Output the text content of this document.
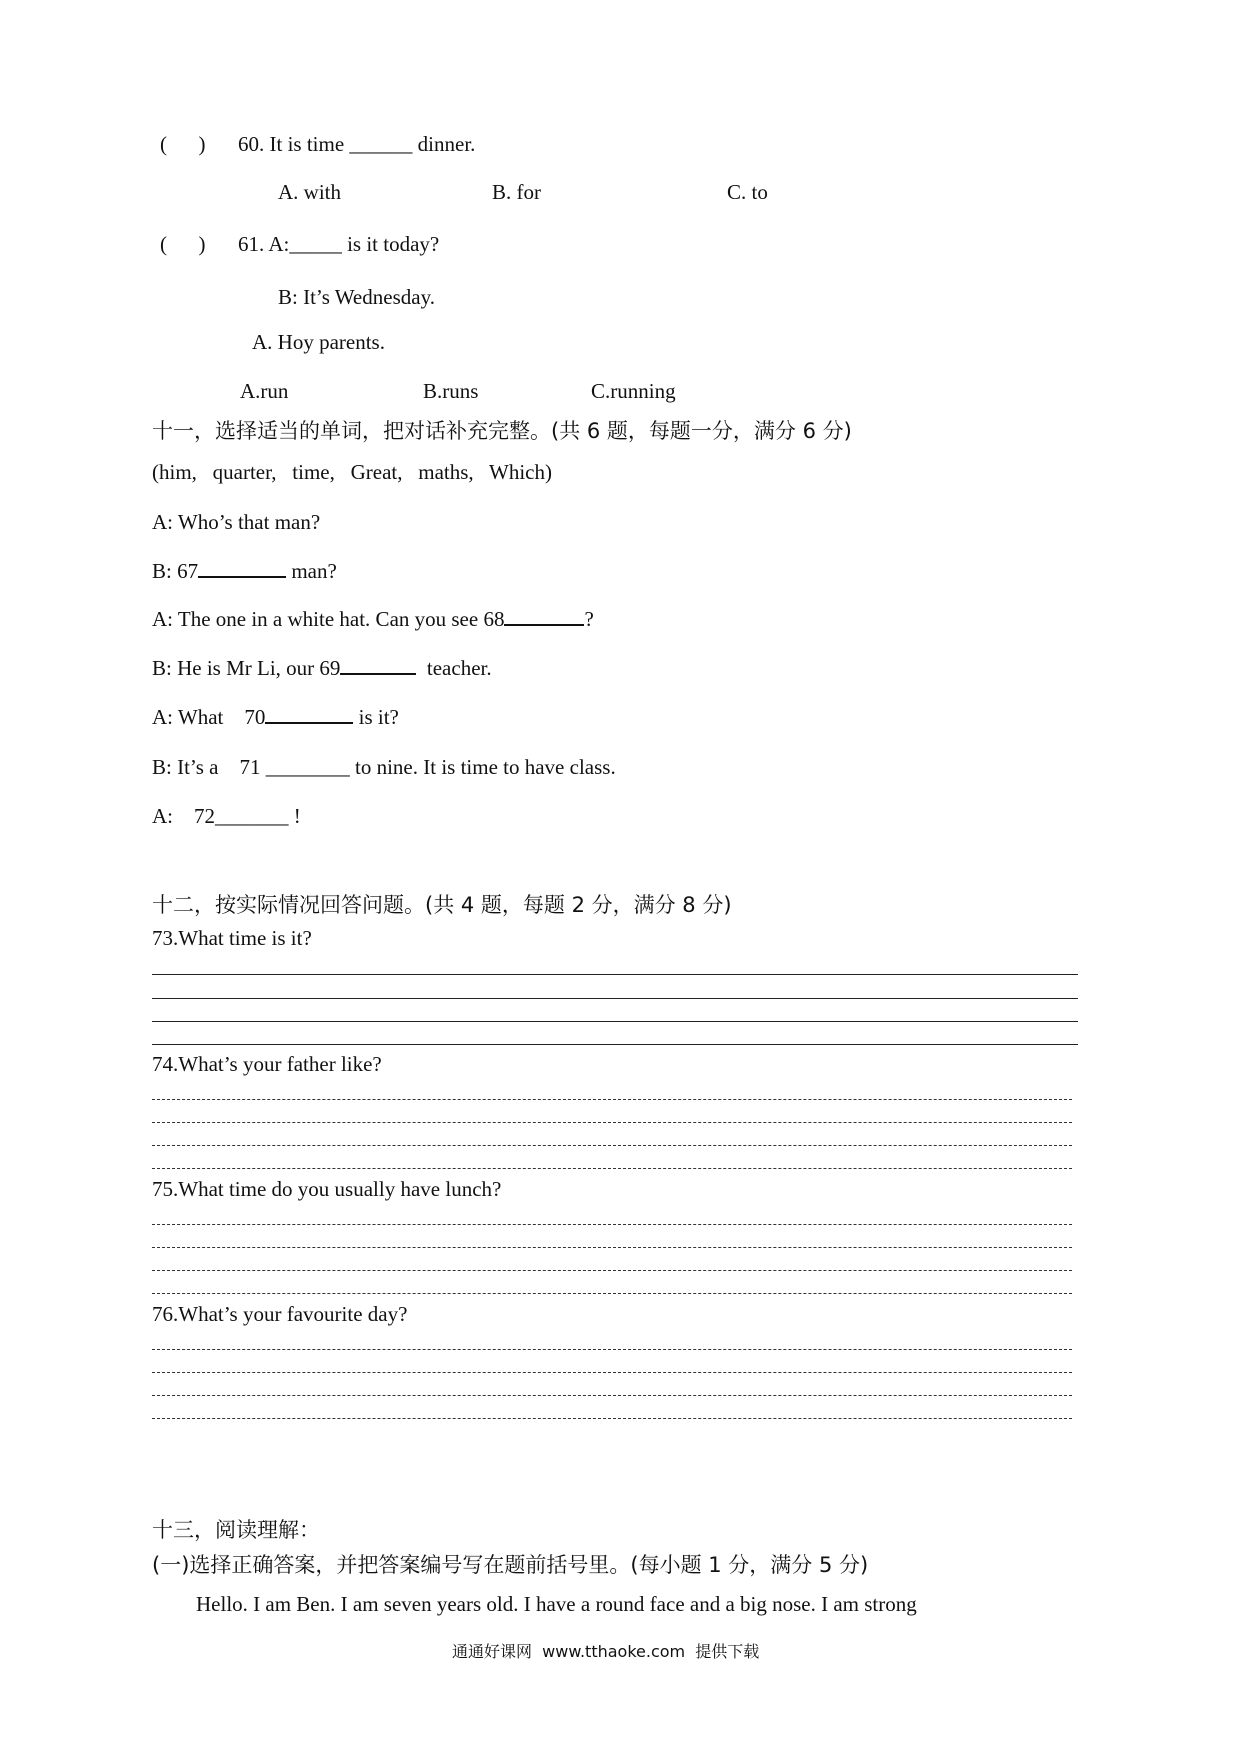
(      ) 60. It is time ______ dinner.
A. with	B. for	C. to
(      ) 61. A:_____ is it today?
B: It’s Wednesday.
A. Hoy parents.
A.run	B.runs	C.running
十一，选择适当的单词，把对话补充完整。(共 6 题，每题一分，满分 6 分)
(him,   quarter,   time,   Great,   maths,   Which)
A: Who’s that man?
B: 67	man?
A: The one in a white hat. Can you see 68	?
B: He is Mr Li, our 69	teacher.
A: What    70	is it?
B: It’s a    71 ________ to nine. It is time to have class.
A:    72_______ !
十二，按实际情况回答问题。(共 4 题，每题 2 分，满分 8 分)
73.What time is it?
74.What’s your father like?
75.What time do you usually have lunch?
76.What’s your favourite day?
十三，阅读理解：
(一)选择正确答案，并把答案编号写在题前括号里。(每小题 1 分，满分 5 分)
Hello. I am Ben. I am seven years old. I have a round face and a big nose. I am strong
通通好课网  www.tthaoke.com  提供下载
